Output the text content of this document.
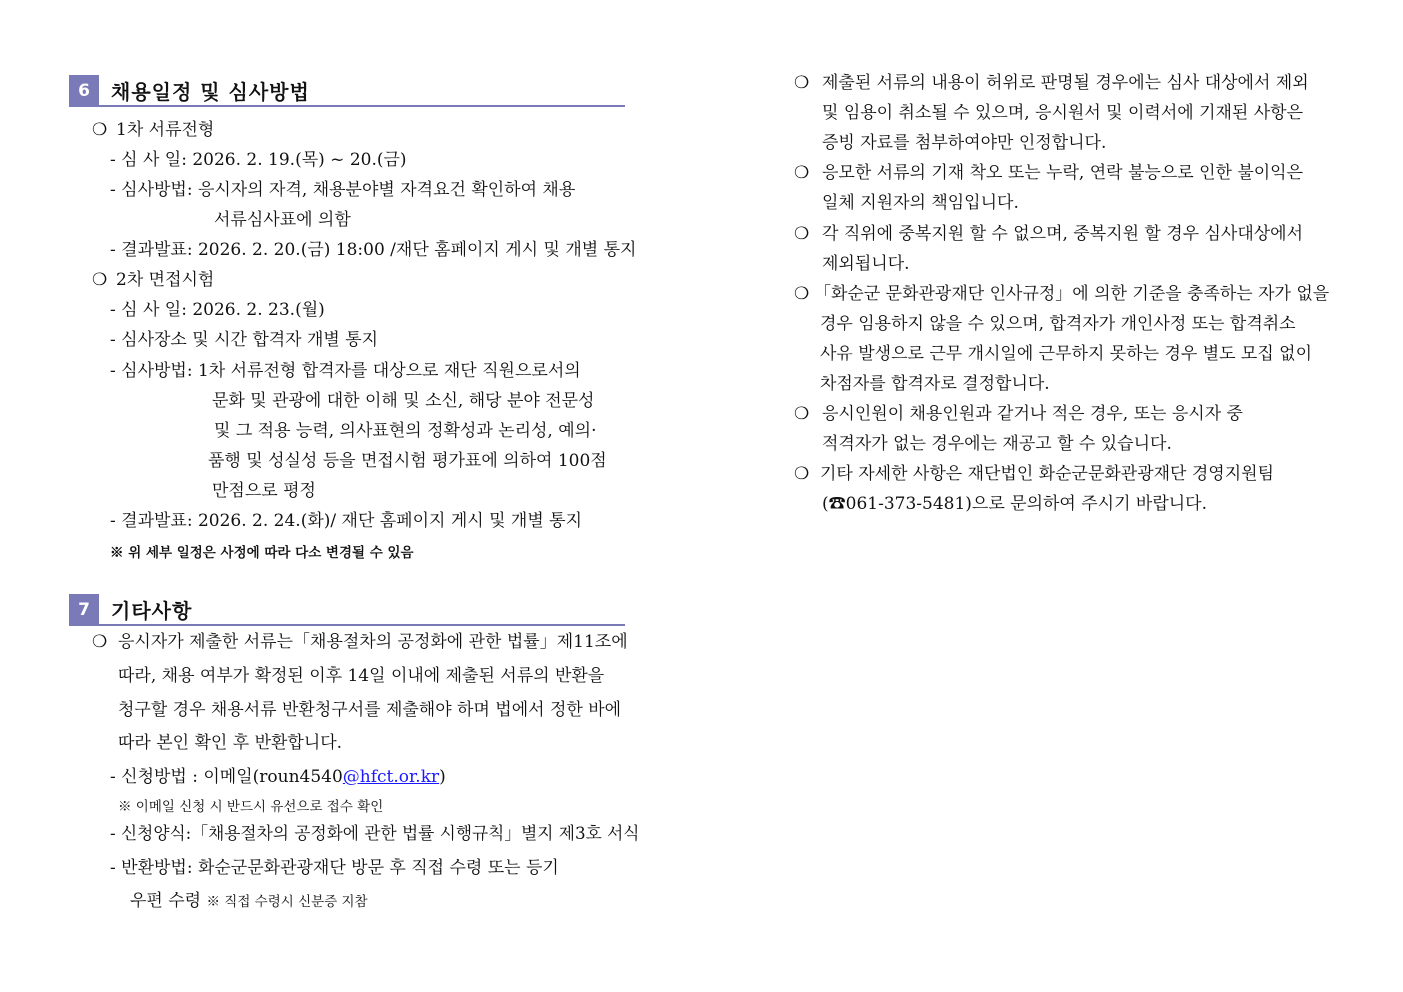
6	채용일정 및 심사방법
❍ 1차 서류전형
- 심 사 일: 2026. 2. 19.(목) ~ 20.(금)
- 심사방법: 응시자의 자격, 채용분야별 자격요건 확인하여 채용
서류심사표에 의함
- 결과발표: 2026. 2. 20.(금) 18:00 /재단 홈페이지 게시 및 개별 통지
❍ 2차 면접시험
- 심 사 일: 2026. 2. 23.(월)
- 심사장소 및 시간 합격자 개별 통지
- 심사방법: 1차 서류전형 합격자를 대상으로 재단 직원으로서의
문화 및 관광에 대한 이해 및 소신, 해당 분야 전문성
및 그 적용 능력, 의사표현의 정확성과 논리성, 예의·
품행 및 성실성 등을 면접시험 평가표에 의하여 100점
만점으로 평정
- 결과발표: 2026. 2. 24.(화)/ 재단 홈페이지 게시 및 개별 통지
※ 위 세부 일정은 사정에 따라 다소 변경될 수 있음
7	기타사항
❍ 응시자가 제출한 서류는「채용절차의 공정화에 관한 법률」제11조에
따라, 채용 여부가 확정된 이후 14일 이내에 제출된 서류의 반환을
청구할 경우 채용서류 반환청구서를 제출해야 하며 법에서 정한 바에
따라 본인 확인 후 반환합니다.
- 신청방법 : 이메일(roun4540@hfct.or.kr)
※ 이메일 신청 시 반드시 유선으로 접수 확인
- 신청양식:「채용절차의 공정화에 관한 법률 시행규칙」별지 제3호 서식
- 반환방법: 화순군문화관광재단 방문 후 직접 수령 또는 등기
우편 수령 ※ 직접 수령시 신분증 지참
❍ 제출된 서류의 내용이 허위로 판명될 경우에는 심사 대상에서 제외
및 임용이 취소될 수 있으며, 응시원서 및 이력서에 기재된 사항은
증빙 자료를 첨부하여야만 인정합니다.
❍ 응모한 서류의 기재 착오 또는 누락, 연락 불능으로 인한 불이익은
일체 지원자의 책임입니다.
❍ 각 직위에 중복지원 할 수 없으며, 중복지원 할 경우 심사대상에서
제외됩니다.
❍ 「화순군 문화관광재단 인사규정」에 의한 기준을 충족하는 자가 없을
경우 임용하지 않을 수 있으며, 합격자가 개인사정 또는 합격취소
사유 발생으로 근무 개시일에 근무하지 못하는 경우 별도 모집 없이
차점자를 합격자로 결정합니다.
❍ 응시인원이 채용인원과 같거나 적은 경우, 또는 응시자 중
적격자가 없는 경우에는 재공고 할 수 있습니다.
❍ 기타 자세한 사항은 재단법인 화순군문화관광재단 경영지원팀
(☎061-373-5481)으로 문의하여 주시기 바랍니다.
